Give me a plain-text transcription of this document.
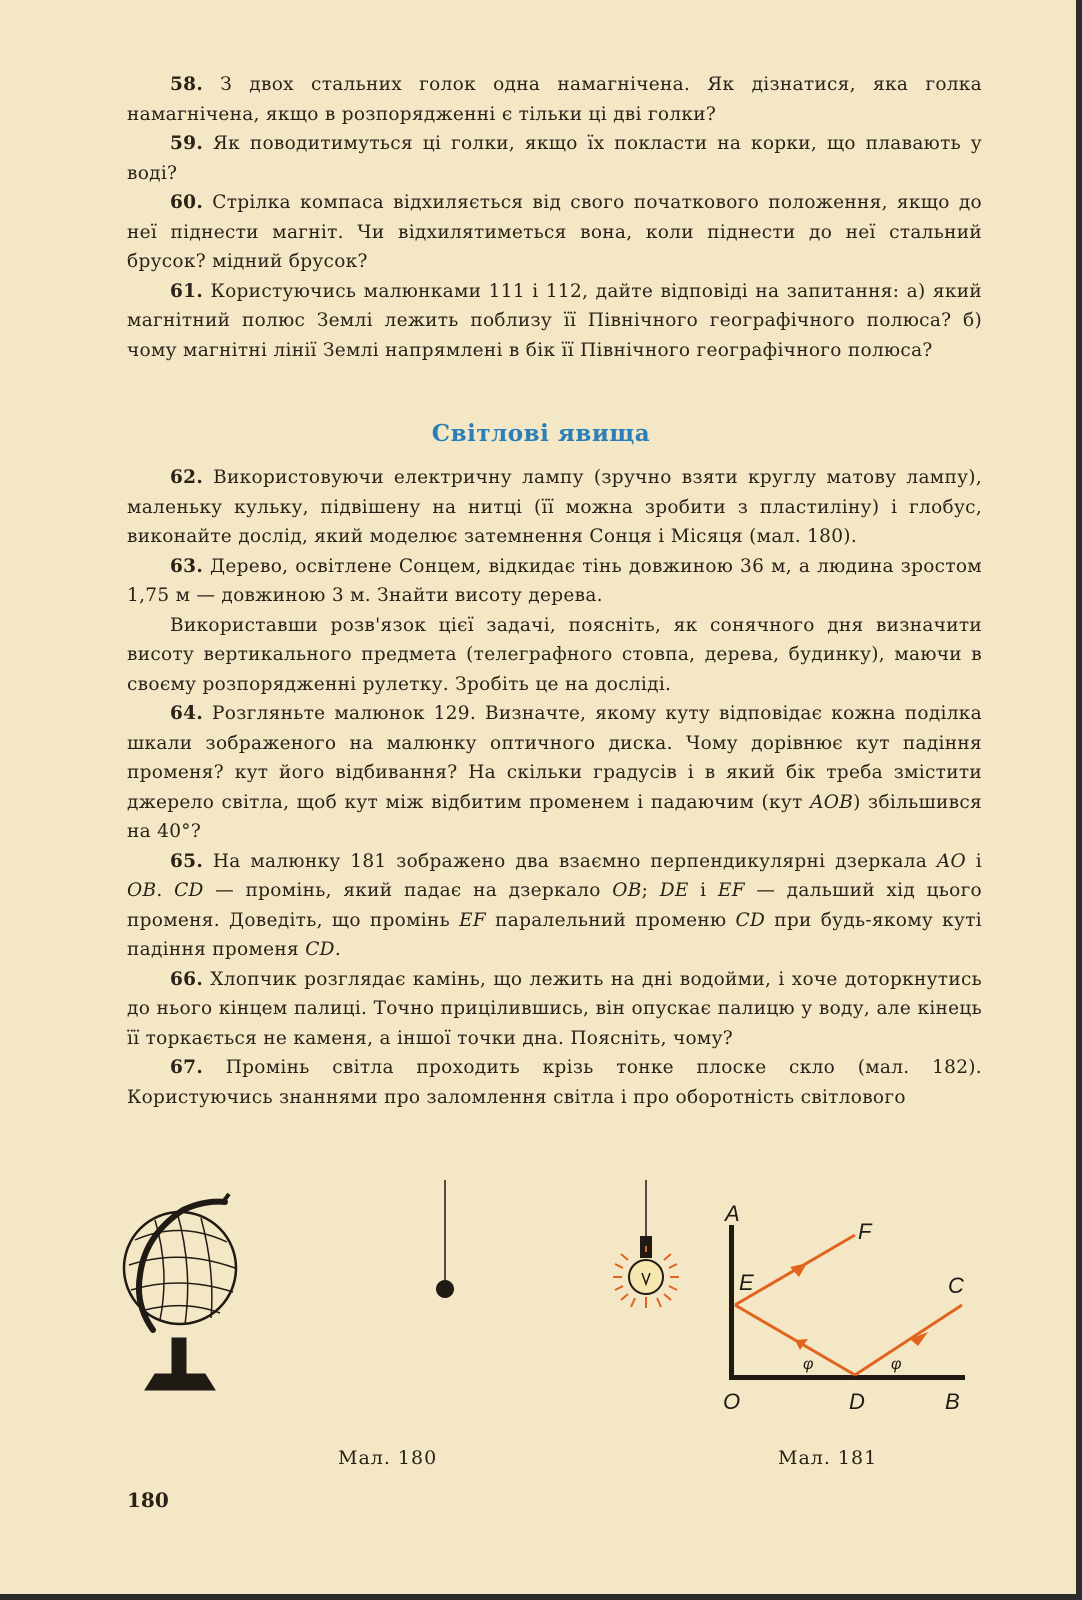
58. З двох стальних голок одна намагнічена. Як дізнатися, яка голка намагнічена, якщо в розпорядженні є тільки ці дві голки?

59. Як поводитимуться ці голки, якщо їх покласти на корки, що плавають у воді?

60. Стрілка компаса відхиляється від свого початкового положення, якщо до неї піднести магніт. Чи відхилятиметься вона, коли піднести до неї стальний брусок? мідний брусок?

61. Користуючись малюнками 111 і 112, дайте відповіді на запитання: а) який магнітний полюс Землі лежить поблизу її Північного географічного полюса? б) чому магнітні лінії Землі напрямлені в бік її Північного географічного полюса?

Світлові явища

62. Використовуючи електричну лампу (зручно взяти круглу матову лампу), маленьку кульку, підвішену на нитці (її можна зробити з пластиліну) і глобус, виконайте дослід, який моделює затемнення Сонця і Місяця (мал. 180).

63. Дерево, освітлене Сонцем, відкидає тінь довжиною 36 м, а людина зростом 1,75 м — довжиною 3 м. Знайти висоту дерева.

Використавши розв'язок цієї задачі, поясніть, як сонячного дня визначити висоту вертикального предмета (телеграфного стовпа, дерева, будинку), маючи в своєму розпорядженні рулетку. Зробіть це на досліді.

64. Розгляньте малюнок 129. Визначте, якому куту відповідає кожна поділка шкали зображеного на малюнку оптичного диска. Чому дорівнює кут падіння променя? кут його відбивання? На скільки градусів і в який бік треба змістити джерело світла, щоб кут між відбитим променем і падаючим (кут AOB) збільшився на 40°?

65. На малюнку 181 зображено два взаємно перпендикулярні дзеркала AO і OB. CD — промінь, який падає на дзеркало OB; DE і EF — дальший хід цього променя. Доведіть, що промінь EF паралельний променю CD при будь-якому куті падіння променя CD.

66. Хлопчик розглядає камінь, що лежить на дні водойми, і хоче доторкнутись до нього кінцем палиці. Точно прицілившись, він опускає палицю у воду, але кінець її торкається не каменя, а іншої точки дна. Поясніть, чому?

67. Промінь світла проходить крізь тонке плоске скло (мал. 182). Користуючись знаннями про заломлення світла і про оборотність світлового

A
F
E	C
O	D	B
φ	φ
Мал. 180	Мал. 181
180
